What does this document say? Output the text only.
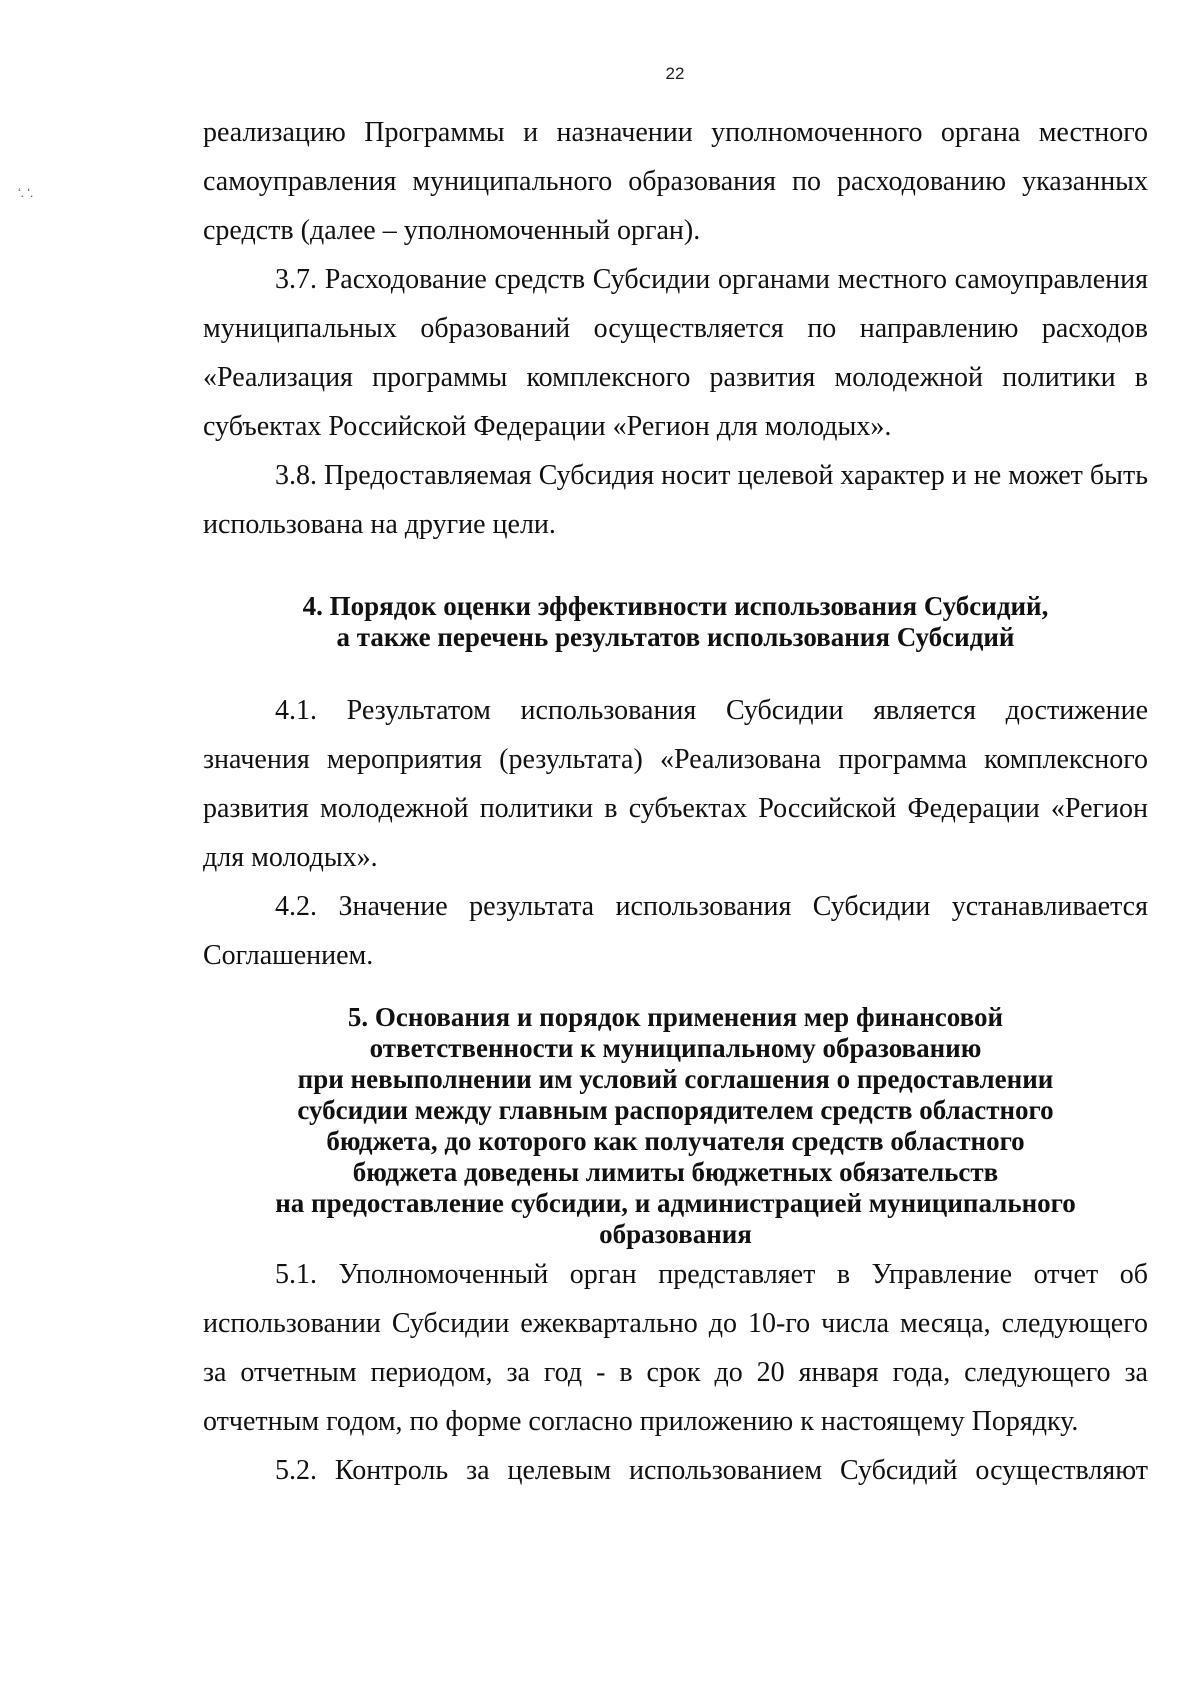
22
ʻ. ʻ.

реализацию Программы и назначении уполномоченного органа местного самоуправления муниципального образования по расходованию указанных средств (далее – уполномоченный орган).

3.7. Расходование средств Субсидии органами местного самоуправления муниципальных образований осуществляется по направлению расходов «Реализация программы комплексного развития молодежной политики в субъектах Российской Федерации «Регион для молодых».

3.8. Предоставляемая Субсидия носит целевой характер и не может быть использована на другие цели.

4. Порядок оценки эффективности использования Субсидий,
а также перечень результатов использования Субсидий

4.1. Результатом использования Субсидии является достижение значения мероприятия (результата) «Реализована программа комплексного развития молодежной политики в субъектах Российской Федерации «Регион для молодых».

4.2. Значение результата использования Субсидии устанавливается Соглашением.

5. Основания и порядок применения мер финансовой
ответственности к муниципальному образованию
при невыполнении им условий соглашения о предоставлении
субсидии между главным распорядителем средств областного
бюджета, до которого как получателя средств областного
бюджета доведены лимиты бюджетных обязательств
на предоставление субсидии, и администрацией муниципального
образования

5.1. Уполномоченный орган представляет в Управление отчет об использовании Субсидии ежеквартально до 10-го числа месяца, следующего за отчетным периодом, за год - в срок до 20 января года, следующего за отчетным годом, по форме согласно приложению к настоящему Порядку.

5.2. Контроль за целевым использованием Субсидий осуществляют
